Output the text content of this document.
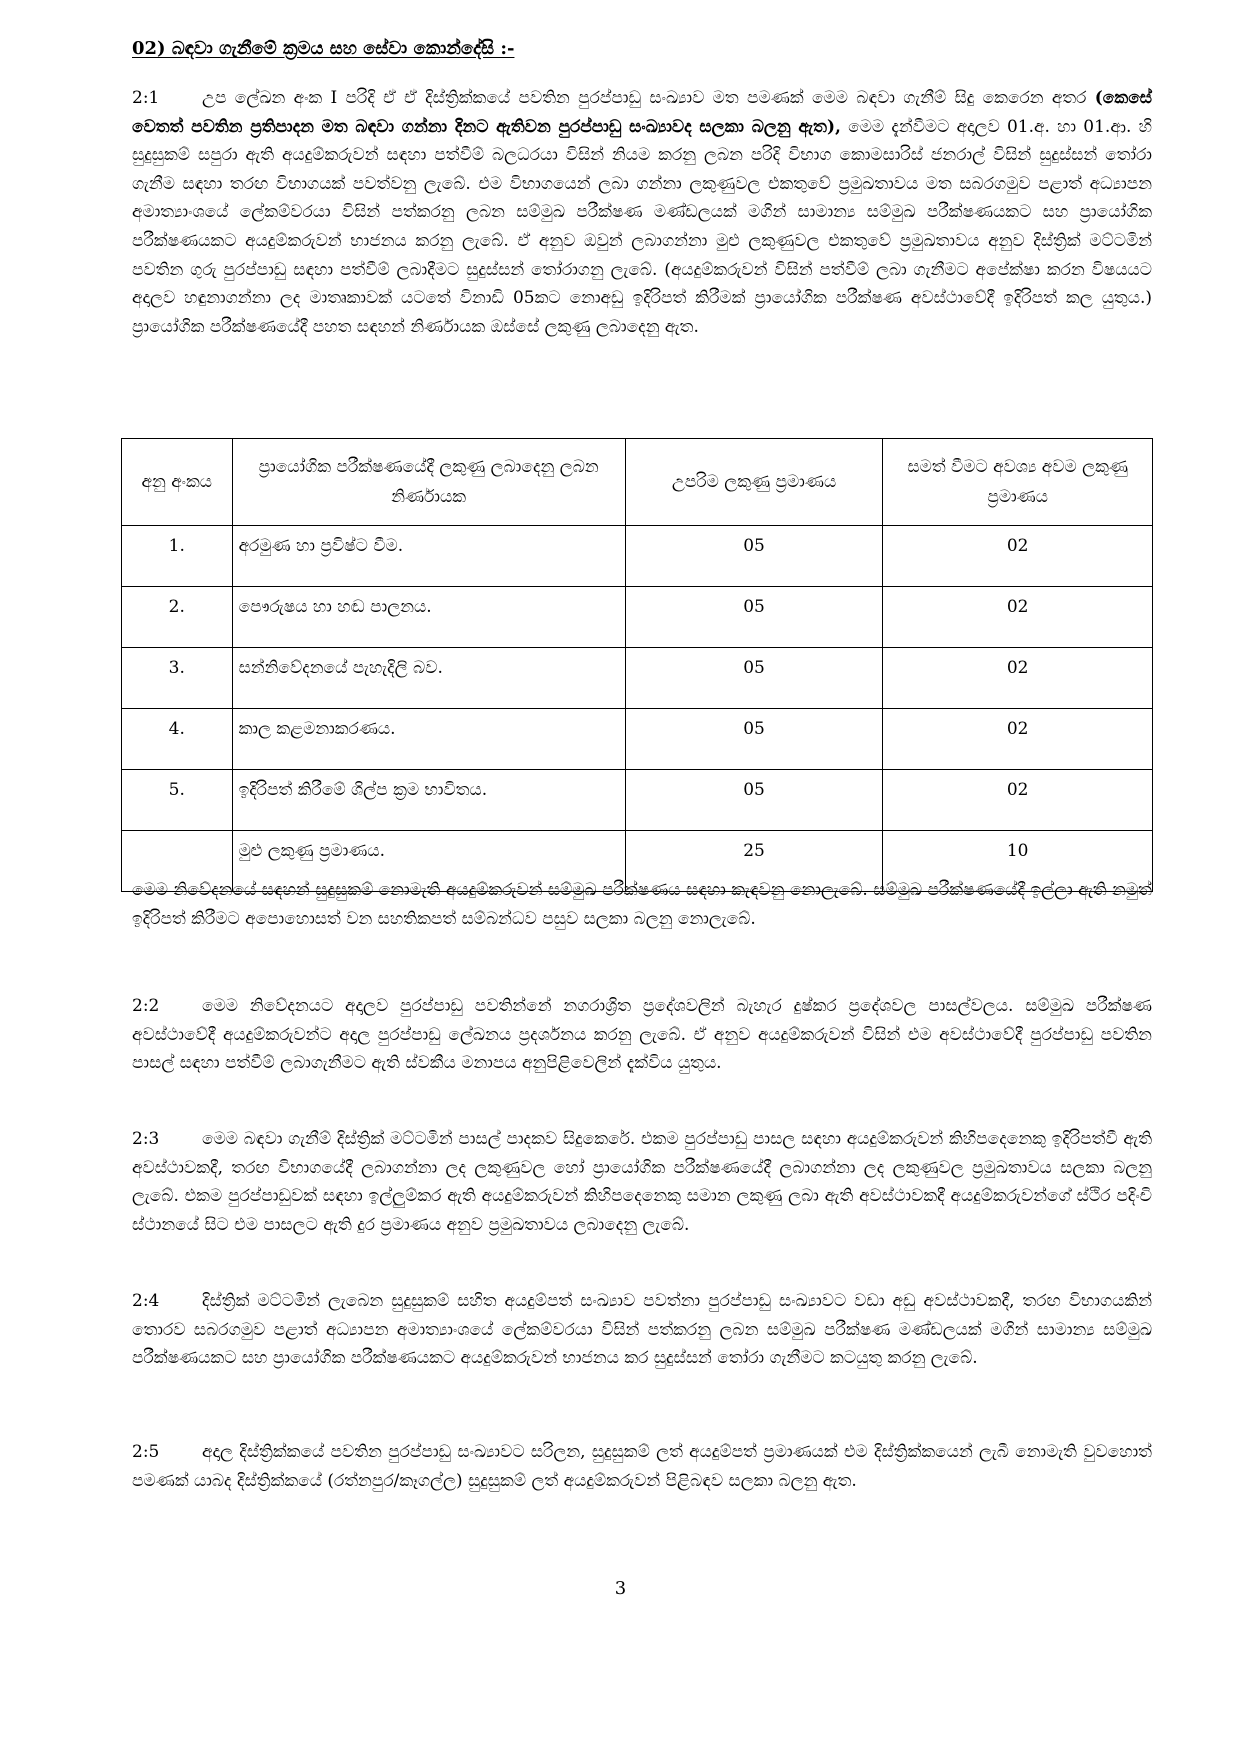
02) බඳවා ගැනීමේ ක්‍රමය සහ සේවා කොන්දේසි :-
2:1	උප ලේඛන අංක I පරිදි ඒ ඒ දිස්ත්‍රික්කයේ පවතින පුරප්පාඩු සංඛ්‍යාව මත පමණක් මෙම බඳවා ගැනීම් සිදු කෙරෙන අතර (කෙසේ වෙතත් පවතින ප්‍රතිපාදන මත බඳවා ගන්නා දිනට ඇතිවන පුරප්පාඩු සංඛ්‍යාවද සලකා බලනු ඇත), මෙම දැන්වීමට අදාලව 01.අ. හා 01.ආ. හි සුදුසුකම් සපුරා ඇති අයදුම්කරුවන් සඳහා පත්වීම් බලධරයා විසින් නියම කරනු ලබන පරිදි විභාග කොමසාරිස් ජනරාල් විසින් සුදුස්සන් තෝරා ගැනීම සඳහා තරඟ විභාගයක් පවත්වනු ලැබේ. එම විභාගයෙන් ලබා ගන්නා ලකුණුවල එකතුවේ ප්‍රමුඛතාවය මත සබරගමුව පළාත් අධ්‍යාපන අමාත්‍යාංශයේ ලේකම්වරයා විසින් පත්කරනු ලබන සම්මුඛ පරීක්ෂණ මණ්ඩලයක් මගින් සාමාන්‍ය සම්මුඛ පරීක්ෂණයකට සහ ප්‍රායෝගික පරීක්ෂණයකට අයදුම්කරුවන් භාජනය කරනු ලැබේ. ඒ අනුව ඔවුන් ලබාගන්නා මුළු ලකුණුවල එකතුවේ ප්‍රමුඛතාවය අනුව දිස්ත්‍රික් මට්ටමින් පවතින ගුරු පුරප්පාඩු සඳහා පත්වීම් ලබාදීමට සුදුස්සන් තෝරාගනු ලැබේ. (අයදුම්කරුවන් විසින් පත්වීම් ලබා ගැනීමට අපේක්ෂා කරන විෂයයට අදාලව හඳුනාගන්නා ලද මාතෘකාවක් යටතේ විනාඩි 05කට නොඅඩු ඉදිරිපත් කිරීමක් ප්‍රායෝගික පරීක්ෂණ අවස්ථාවේදී ඉදිරිපත් කල යුතුය.) ප්‍රායෝගික පරීක්ෂණයේදී පහත සඳහන් නිර්ණායක ඔස්සේ ලකුණු ලබාදෙනු ඇත.
අනු අංකය	ප්‍රායෝගික පරීක්ෂණයේදී ලකුණු ලබාදෙනු ලබන නිර්ණායක	උපරිම ලකුණු ප්‍රමාණය	සමත් වීමට අවශ්‍ය අවම ලකුණු ප්‍රමාණය
1.	අරමුණ හා ප්‍රවිෂ්ට වීම.	05	02
2.	පෞරුෂය හා හඬ පාලනය.	05	02
3.	සන්නිවේදනයේ පැහැදිලි බව.	05	02
4.	කාල කළමනාකරණය.	05	02
5.	ඉදිරිපත් කිරීමේ ශිල්ප ක්‍රම භාවිතය.	05	02
	මුළු ලකුණු ප්‍රමාණය.	25	10
මෙම නිවේදනයේ සඳහන් සුදුසුකම් නොමැති අයදුම්කරුවන් සම්මුඛ පරීක්ෂණය සඳහා කැඳවනු නොලැබේ. සම්මුඛ පරීක්ෂණයේදී ඉල්ලා ඇති නමුත් ඉදිරිපත් කිරීමට අපොහොසත් වන සහතිකපත් සම්බන්ධව පසුව සලකා බලනු නොලැබේ.
2:2	මෙම නිවේදනයට අදාලව පුරප්පාඩු පවතින්නේ නගරාශ්‍රිත ප්‍රදේශවලින් බැහැර දුෂ්කර ප්‍රදේශවල පාසල්වලය. සම්මුඛ පරීක්ෂණ අවස්ථාවේදී අයදුම්කරුවන්ට අදාල පුරප්පාඩු ලේඛනය ප්‍රදර්ශනය කරනු ලැබේ. ඒ අනුව අයදුම්කරුවන් විසින් එම අවස්ථාවේදී පුරප්පාඩු පවතින පාසල් සඳහා පත්වීම් ලබාගැනීමට ඇති ස්වකීය මනාපය අනුපිළිවෙලින් දැක්විය යුතුය.
2:3	මෙම බඳවා ගැනීම් දිස්ත්‍රික් මට්ටමින් පාසල් පාදකව සිදුකෙරේ. එකම පුරප්පාඩු පාසල සඳහා අයදුම්කරුවන් කිහිපදෙනෙකු ඉදිරිපත්වී ඇති අවස්ථාවකදී, තරඟ විභාගයේදී ලබාගන්නා ලද ලකුණුවල හෝ ප්‍රායෝගික පරීක්ෂණයේදී ලබාගන්නා ලද ලකුණුවල ප්‍රමුඛතාවය සලකා බලනු ලැබේ. එකම පුරප්පාඩුවක් සඳහා ඉල්ලුම්කර ඇති අයදුම්කරුවන් කිහිපදෙනෙකු සමාන ලකුණු ලබා ඇති අවස්ථාවකදී අයදුම්කරුවන්ගේ ස්ථිර පදිංචි ස්ථානයේ සිට එම පාසලට ඇති දුර ප්‍රමාණය අනුව ප්‍රමුඛතාවය ලබාදෙනු ලැබේ.
2:4	දිස්ත්‍රික් මට්ටමින් ලැබෙන සුදුසුකම් සහිත අයදුම්පත් සංඛ්‍යාව පවත්නා පුරප්පාඩු සංඛ්‍යාවට වඩා අඩු අවස්ථාවකදී, තරඟ විභාගයකින් තොරව සබරගමුව පළාත් අධ්‍යාපන අමාත්‍යාංශයේ ලේකම්වරයා විසින් පත්කරනු ලබන සම්මුඛ පරීක්ෂණ මණ්ඩලයක් මගින් සාමාන්‍ය සම්මුඛ පරීක්ෂණයකට සහ ප්‍රායෝගික පරීක්ෂණයකට අයදුම්කරුවන් භාජනය කර සුදුස්සන් තෝරා ගැනීමට කටයුතු කරනු ලැබේ.
2:5	අදාල දිස්ත්‍රික්කයේ පවතින පුරප්පාඩු සංඛ්‍යාවට සරිලන, සුදුසුකම් ලත් අයදුම්පත් ප්‍රමාණයක් එම දිස්ත්‍රික්කයෙන් ලැබී නොමැති වුවහොත් පමණක් යාබද දිස්ත්‍රික්කයේ (රත්නපුර/කෑගල්ල) සුදුසුකම් ලත් අයදුම්කරුවන් පිළිබඳව සලකා බලනු ඇත.
3
